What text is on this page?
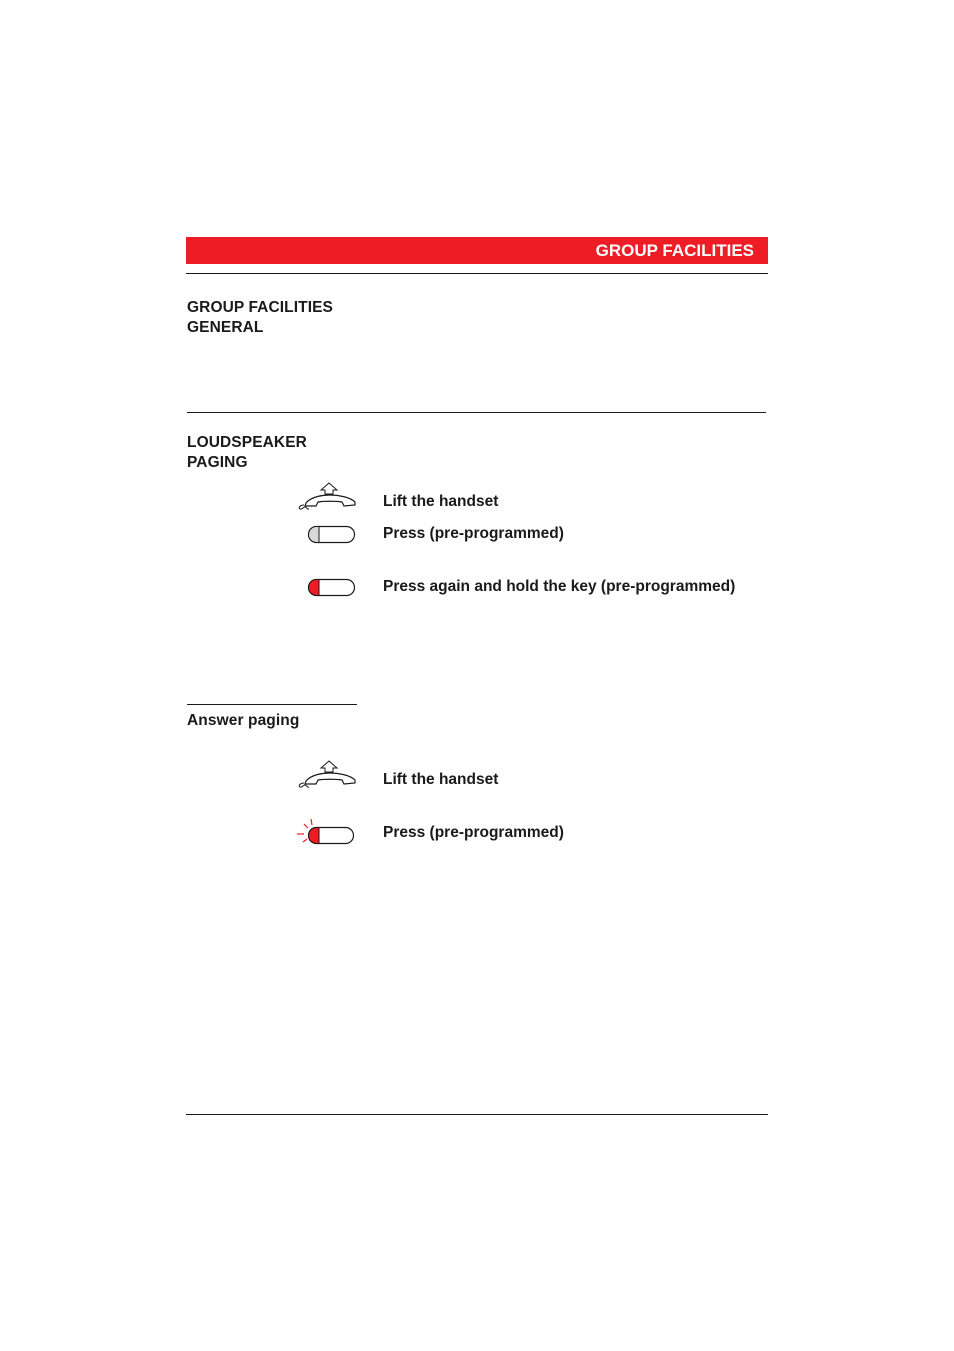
GROUP FACILITIES
GROUP FACILITIES
GENERAL
LOUDSPEAKER
PAGING
Lift the handset
Press (pre-programmed)
Press again and hold the key (pre-programmed)
Answer paging
Lift the handset
Press (pre-programmed)
